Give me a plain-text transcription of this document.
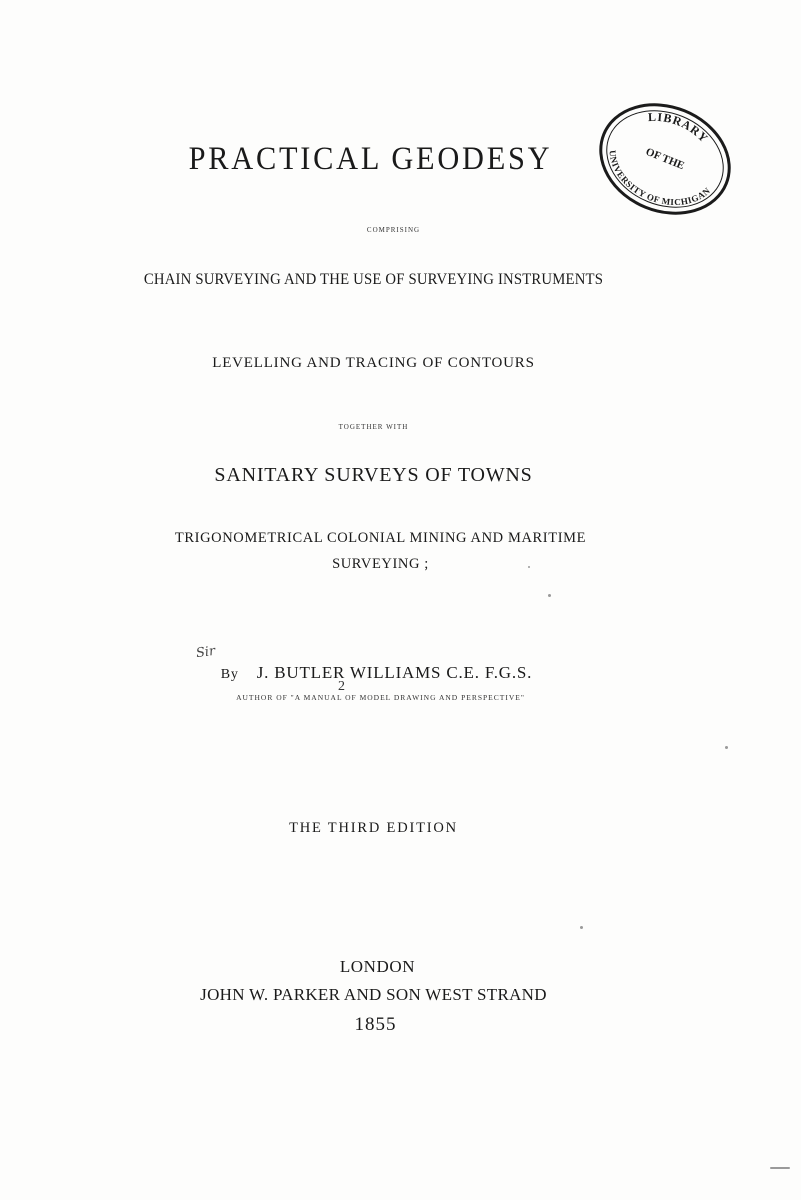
PRACTICAL GEODESY
COMPRISING
CHAIN SURVEYING AND THE USE OF SURVEYING INSTRUMENTS
LEVELLING AND TRACING OF CONTOURS
TOGETHER WITH
SANITARY SURVEYS OF TOWNS
TRIGONOMETRICAL COLONIAL MINING AND MARITIME
SURVEYING ;
By J. BUTLER WILLIAMS C.E. F.G.S.
AUTHOR OF "A MANUAL OF MODEL DRAWING AND PERSPECTIVE"
Sir
2
THE THIRD EDITION
LONDON
JOHN W. PARKER AND SON WEST STRAND
1855
LIBRARY
OF THE
UNIVERSITY OF MICHIGAN
